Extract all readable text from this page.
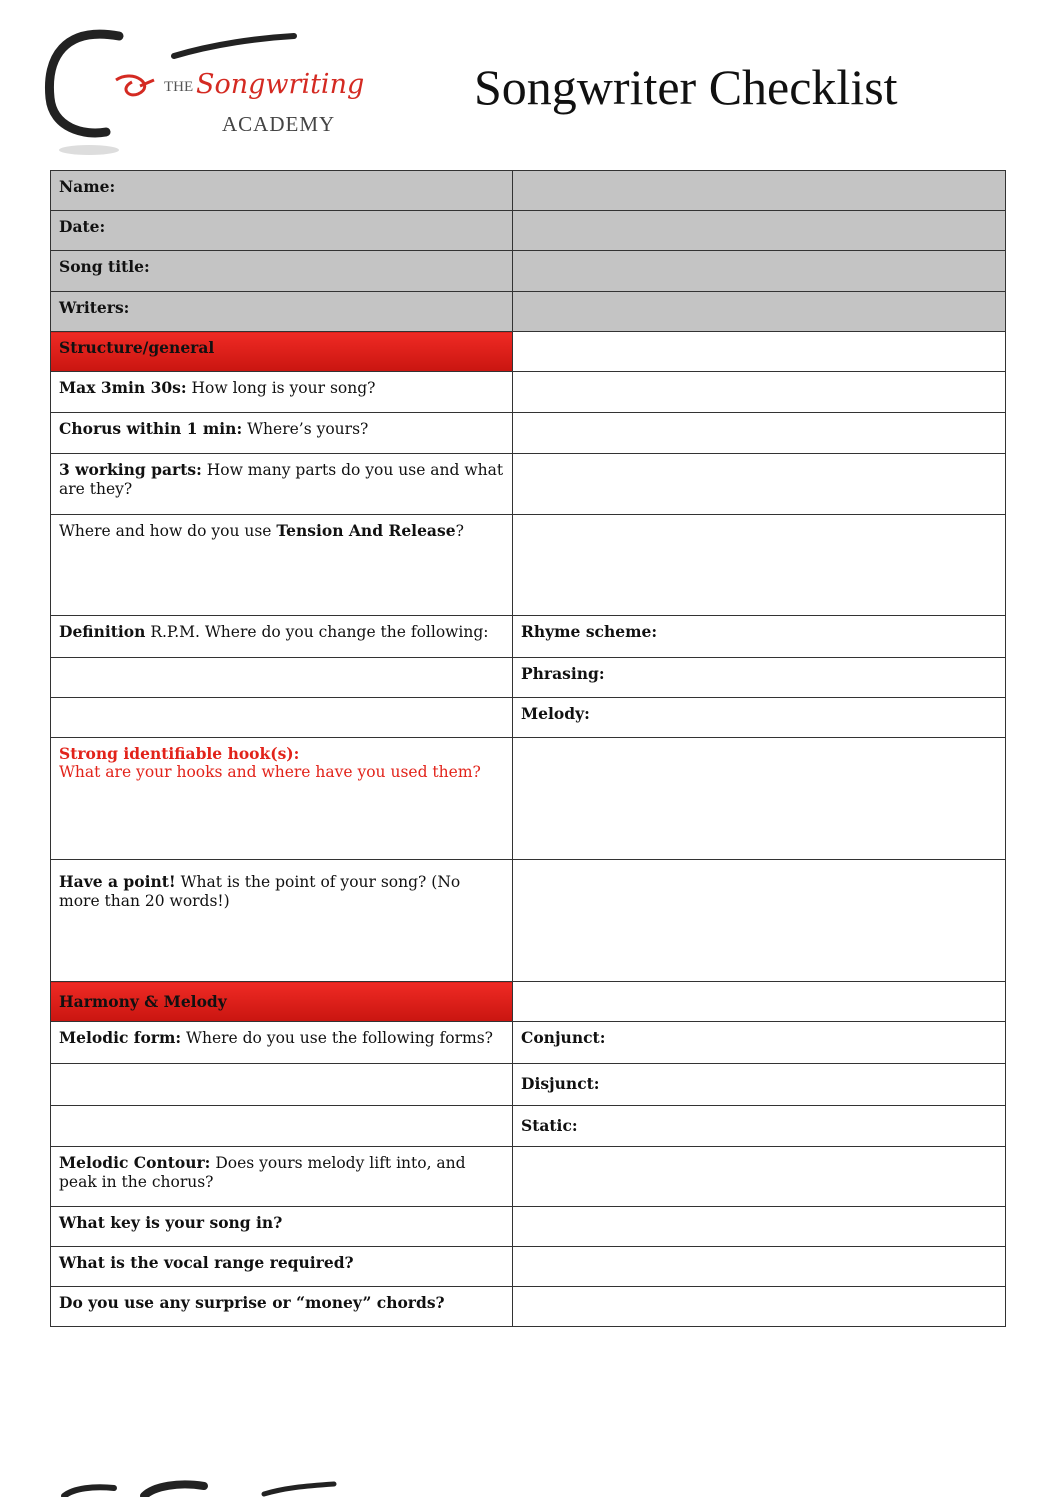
THE Songwriting
ACADEMY
Songwriter Checklist
Name:	
Date:	
Song title:	
Writers:	
Structure/general	
Max 3min 30s: How long is your song?	
Chorus within 1 min: Where’s yours?	
3 working parts: How many parts do you use and what are they?	
Where and how do you use Tension And Release?	
Definition R.P.M. Where do you change the following:	Rhyme scheme:
	Phrasing:
	Melody:

Strong identifiable hook(s):
What are your hooks and where have you used them?	

Have a point! What is the point of your song? (No more than 20 words!)	
Harmony & Melody	
Melodic form: Where do you use the following forms?	Conjunct:
	Disjunct:
	Static:
Melodic Contour: Does yours melody lift into, and peak in the chorus?	
What key is your song in?	
What is the vocal range required?	
Do you use any surprise or “money” chords?	
